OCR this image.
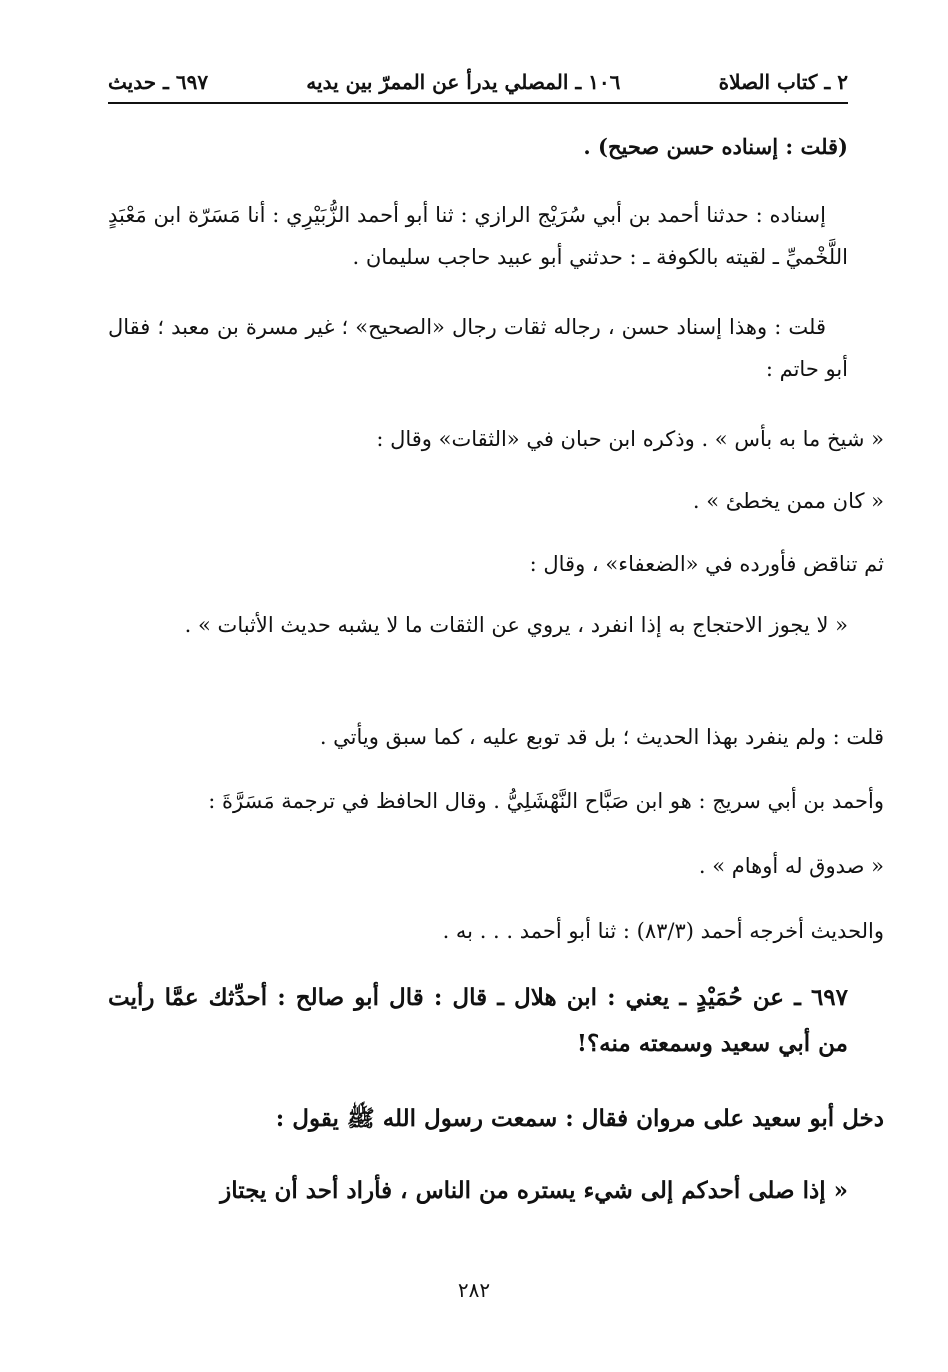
٢ ـ كتاب الصلاة
١٠٦ ـ المصلي يدرأ عن الممرّ بين يديه
٦٩٧ ـ حديث

(قلت : إسناده حسن صحيح) .

إسناده : حدثنا أحمد بن أبي سُرَيْج الرازي : ثنا أبو أحمد الزُّبَيْرِي : أنا مَسَرّة ابن مَعْبَدٍ اللَّخْميِّ ـ لقيته بالكوفة ـ : حدثني أبو عبيد حاجب سليمان .

قلت : وهذا إسناد حسن ، رجاله ثقات رجال «الصحيح» ؛ غير مسرة بن معبد ؛ فقال أبو حاتم :

« شيخ ما به بأس » . وذكره ابن حبان في «الثقات» وقال :

« كان ممن يخطئ » .

ثم تناقض فأورده في «الضعفاء» ، وقال :

« لا يجوز الاحتجاج به إذا انفرد ، يروي عن الثقات ما لا يشبه حديث الأثبات » .

قلت : ولم ينفرد بهذا الحديث ؛ بل قد توبع عليه ، كما سبق ويأتي .

وأحمد بن أبي سريج : هو ابن صَبَّاح النَّهْشَلِيُّ . وقال الحافظ في ترجمة مَسَرَّةَ :

« صدوق له أوهام » .

والحديث أخرجه أحمد (٨٣/٣) : ثنا أبو أحمد . . . به .

٦٩٧ ـ عن حُمَيْدٍ ـ يعني : ابن هلال ـ قال : قال أبو صالح : أحدِّثك عمَّا رأيت من أبي سعيد وسمعته منه؟!

دخل أبو سعيد على مروان فقال : سمعت رسول الله ﷺ يقول :

« إذا صلى أحدكم إلى شيء يستره من الناس ، فأراد أحد أن يجتاز

٢٨٢
